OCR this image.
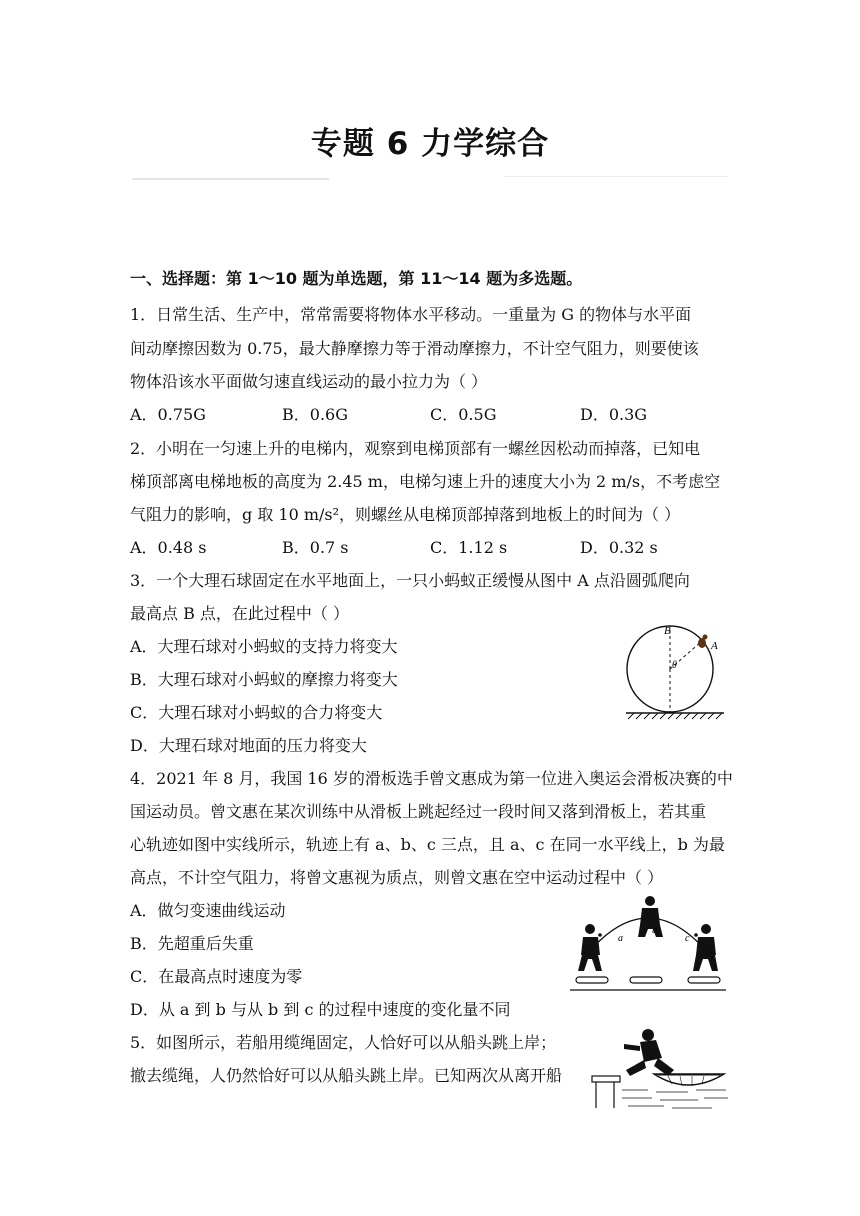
专题 6 力学综合
一、选择题：第 1～10 题为单选题，第 11～14 题为多选题。
1．日常生活、生产中，常常需要将物体水平移动。一重量为 G 的物体与水平面
间动摩擦因数为 0.75，最大静摩擦力等于滑动摩擦力，不计空气阻力，则要使该
物体沿该水平面做匀速直线运动的最小拉力为（ ）
A．0.75G	B．0.6G	C．0.5G	D．0.3G
2．小明在一匀速上升的电梯内，观察到电梯顶部有一螺丝因松动而掉落，已知电
梯顶部离电梯地板的高度为 2.45 m，电梯匀速上升的速度大小为 2 m/s，不考虑空
气阻力的影响，g 取 10 m/s²，则螺丝从电梯顶部掉落到地板上的时间为（ ）
A．0.48 s	B．0.7 s	C．1.12 s	D．0.32 s
3．一个大理石球固定在水平地面上，一只小蚂蚁正缓慢从图中 A 点沿圆弧爬向
最高点 B 点，在此过程中（ ）
A．大理石球对小蚂蚁的支持力将变大
B．大理石球对小蚂蚁的摩擦力将变大
C．大理石球对小蚂蚁的合力将变大
D．大理石球对地面的压力将变大
B
A
θ
4．2021 年 8 月，我国 16 岁的滑板选手曾文惠成为第一位进入奥运会滑板决赛的中
国运动员。曾文惠在某次训练中从滑板上跳起经过一段时间又落到滑板上，若其重
心轨迹如图中实线所示，轨迹上有 a、b、c 三点，且 a、c 在同一水平线上，b 为最
高点，不计空气阻力，将曾文惠视为质点，则曾文惠在空中运动过程中（ ）
A．做匀变速曲线运动
B．先超重后失重
C．在最高点时速度为零
D．从 a 到 b 与从 b 到 c 的过程中速度的变化量不同
a
b
c
5．如图所示，若船用缆绳固定，人恰好可以从船头跳上岸；
撤去缆绳，人仍然恰好可以从船头跳上岸。已知两次从离开船
